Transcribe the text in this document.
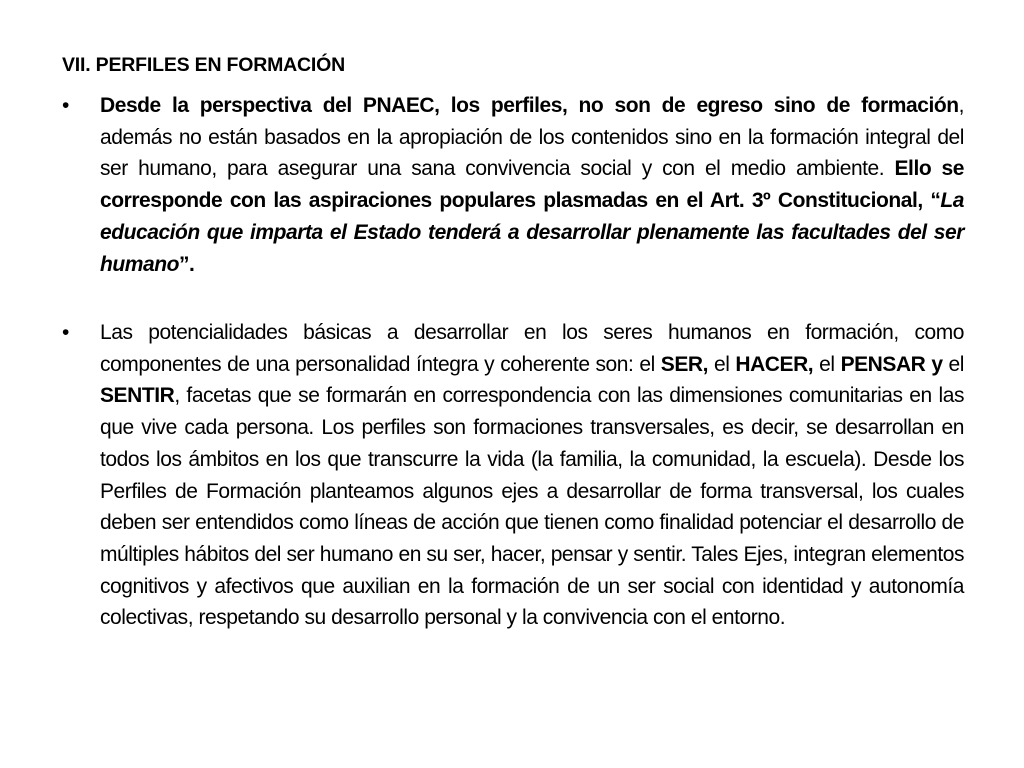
VII. PERFILES EN FORMACIÓN
• Desde la perspectiva del PNAEC, los perfiles, no son de egreso sino de formación, además no están basados en la apropiación de los contenidos sino en la formación integral del ser humano, para asegurar una sana convivencia social y con el medio ambiente. Ello se corresponde con las aspiraciones populares plasmadas en el Art. 3º Constitucional, “La educación que imparta el Estado tenderá a desarrollar plenamente las facultades del ser humano”.
• Las potencialidades básicas a desarrollar en los seres humanos en formación, como componentes de una personalidad íntegra y coherente son: el SER, el HACER, el PENSAR y el SENTIR, facetas que se formarán en correspondencia con las dimensiones comunitarias en las que vive cada persona. Los perfiles son formaciones transversales, es decir, se desarrollan en todos los ámbitos en los que transcurre la vida (la familia, la comunidad, la escuela). Desde los Perfiles de Formación planteamos algunos ejes a desarrollar de forma transversal, los cuales deben ser entendidos como líneas de acción que tienen como finalidad potenciar el desarrollo de múltiples hábitos del ser humano en su ser, hacer, pensar y sentir. Tales Ejes, integran elementos cognitivos y afectivos que auxilian en la formación de un ser social con identidad y autonomía colectivas, respetando su desarrollo personal y la convivencia con el entorno.
